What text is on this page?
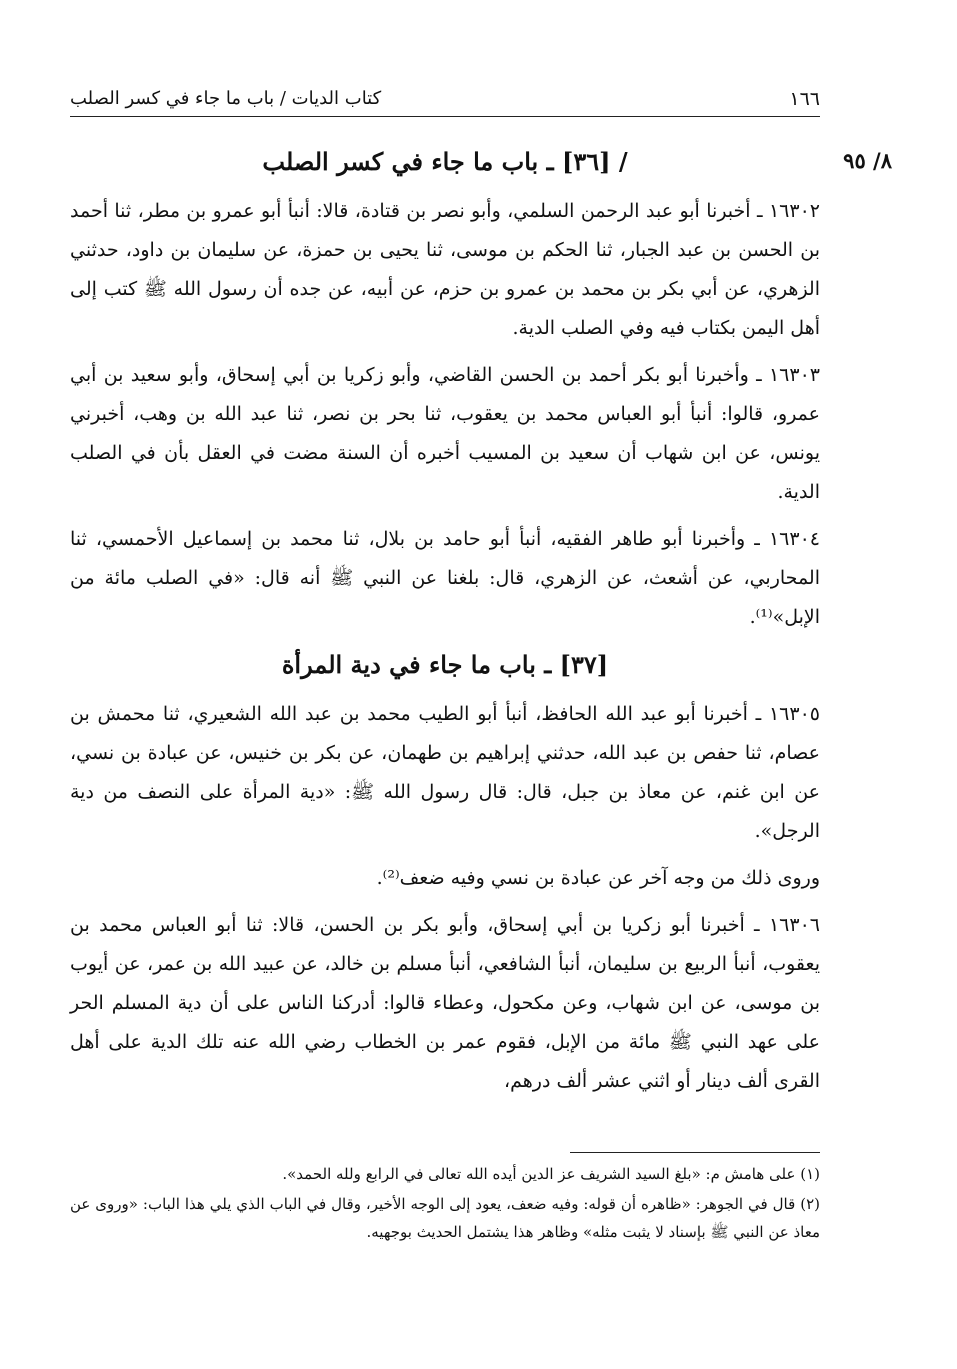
١٦٦
كتاب الديات / باب ما جاء في كسر الصلب
/ [٣٦] ـ باب ما جاء في كسر الصلب

١٦٣٠٢ ـ أخبرنا أبو عبد الرحمن السلمي، وأبو نصر بن قتادة، قالا: أنبأ أبو عمرو بن مطر، ثنا أحمد بن الحسن بن عبد الجبار، ثنا الحكم بن موسى، ثنا يحيى بن حمزة، عن سليمان بن داود، حدثني الزهري، عن أبي بكر بن محمد بن عمرو بن حزم، عن أبيه، عن جده أن رسول الله ﷺ كتب إلى أهل اليمن بكتاب فيه وفي الصلب الدية.

١٦٣٠٣ ـ وأخبرنا أبو بكر أحمد بن الحسن القاضي، وأبو زكريا بن أبي إسحاق، وأبو سعيد بن أبي عمرو، قالوا: أنبأ أبو العباس محمد بن يعقوب، ثنا بحر بن نصر، ثنا عبد الله بن وهب، أخبرني يونس، عن ابن شهاب أن سعيد بن المسيب أخبره أن السنة مضت في العقل بأن في الصلب الدية.

١٦٣٠٤ ـ وأخبرنا أبو طاهر الفقيه، أنبأ أبو حامد بن بلال، ثنا محمد بن إسماعيل الأحمسي، ثنا المحاربي، عن أشعث، عن الزهري، قال: بلغنا عن النبي ﷺ أنه قال: «في الصلب مائة من الإبل»⁽¹⁾.

[٣٧] ـ باب ما جاء في دية المرأة

١٦٣٠٥ ـ أخبرنا أبو عبد الله الحافظ، أنبأ أبو الطيب محمد بن عبد الله الشعيري، ثنا محمش بن عصام، ثنا حفص بن عبد الله، حدثني إبراهيم بن طهمان، عن بكر بن خنيس، عن عبادة بن نسي، عن ابن غنم، عن معاذ بن جبل، قال: قال رسول الله ﷺ: «دية المرأة على النصف من دية الرجل».

وروى ذلك من وجه آخر عن عبادة بن نسي وفيه ضعف⁽²⁾.

١٦٣٠٦ ـ أخبرنا أبو زكريا بن أبي إسحاق، وأبو بكر بن الحسن، قالا: ثنا أبو العباس محمد بن يعقوب، أنبأ الربيع بن سليمان، أنبأ الشافعي، أنبأ مسلم بن خالد، عن عبيد الله بن عمر، عن أيوب بن موسى، عن ابن شهاب، وعن مكحول، وعطاء قالوا: أدركنا الناس على أن دية المسلم الحر على عهد النبي ﷺ مائة من الإبل، فقوم عمر بن الخطاب رضي الله عنه تلك الدية على أهل القرى ألف دينار أو اثني عشر ألف درهم،

(١) على هامش م: «بلغ السيد الشريف عز الدين أيده الله تعالى في الرابع ولله الحمد».

(٢) قال في الجوهر: «ظاهره أن قوله: وفيه ضعف، يعود إلى الوجه الأخير، وقال في الباب الذي يلي هذا الباب: «وروى عن معاذ عن النبي ﷺ بإسناد لا يثبت مثله» وظاهر هذا يشتمل الحديث بوجهيه.

٨/ ٩٥
